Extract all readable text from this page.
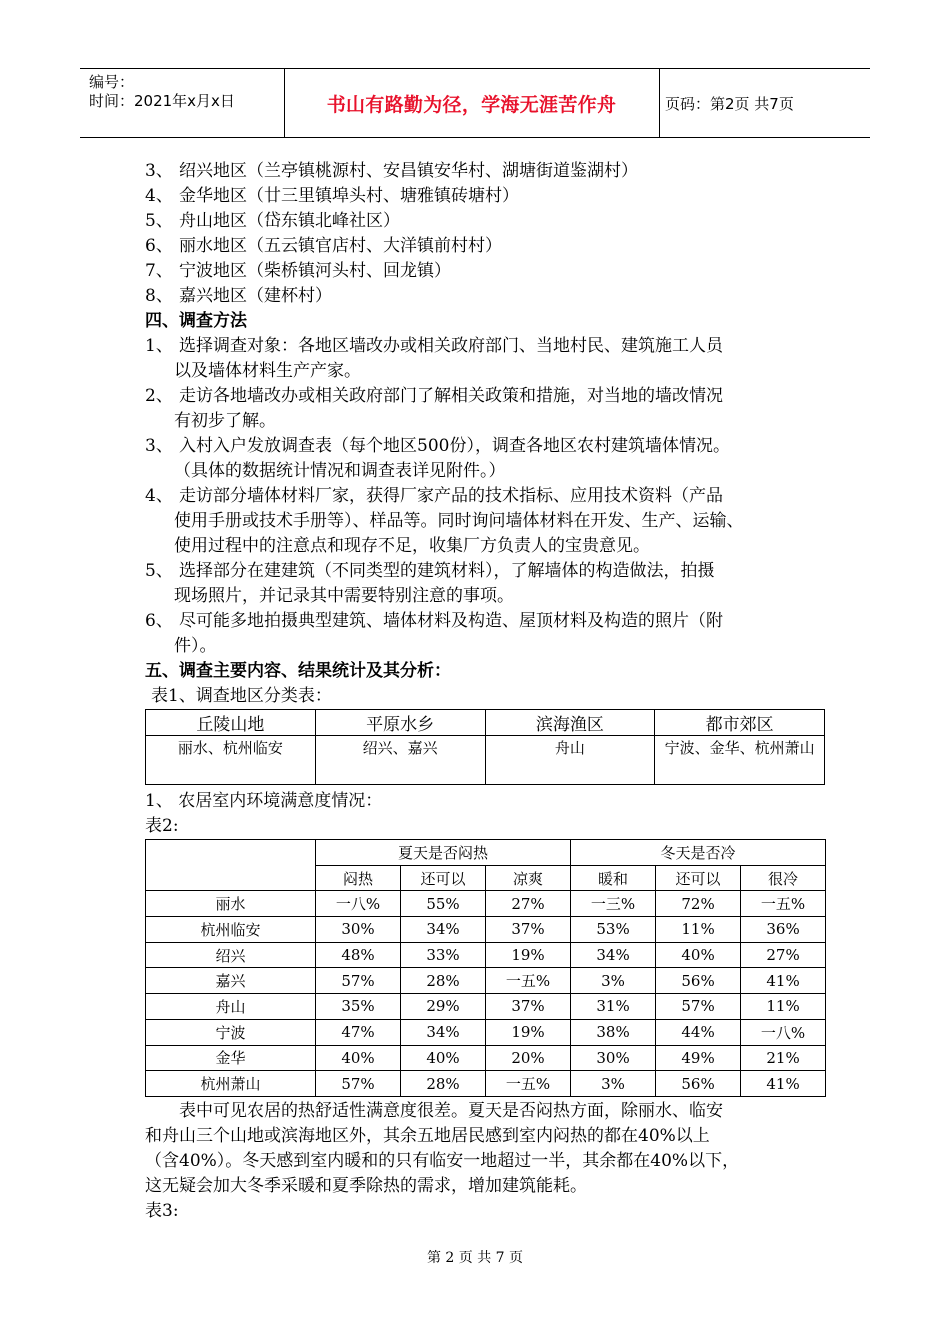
编号：
时间：2021年x月x日	书山有路勤为径，学海无涯苦作舟	页码：第2页 共7页
3、 绍兴地区（兰亭镇桃源村、安昌镇安华村、湖塘街道鉴湖村）
4、 金华地区（廿三里镇埠头村、塘雅镇砖塘村）
5、 舟山地区（岱东镇北峰社区）
6、 丽水地区（五云镇官店村、大洋镇前村村）
7、 宁波地区（柴桥镇河头村、回龙镇）
8、 嘉兴地区（建杯村）
四、调查方法
1、 选择调查对象：各地区墙改办或相关政府部门、当地村民、建筑施工人员
以及墙体材料生产产家。
2、 走访各地墙改办或相关政府部门了解相关政策和措施，对当地的墙改情况
有初步了解。
3、 入村入户发放调查表（每个地区500份），调查各地区农村建筑墙体情况。
（具体的数据统计情况和调查表详见附件。）
4、 走访部分墙体材料厂家，获得厂家产品的技术指标、应用技术资料（产品
使用手册或技术手册等）、样品等。同时询问墙体材料在开发、生产、运输、
使用过程中的注意点和现存不足，收集厂方负责人的宝贵意见。
5、 选择部分在建建筑（不同类型的建筑材料），了解墙体的构造做法，拍摄
现场照片，并记录其中需要特别注意的事项。
6、 尽可能多地拍摄典型建筑、墙体材料及构造、屋顶材料及构造的照片（附
件）。
五、调查主要内容、结果统计及其分析：
表1、调查地区分类表：
丘陵山地	平原水乡	滨海渔区	都市郊区
丽水、杭州临安	绍兴、嘉兴	舟山	宁波、金华、杭州萧山
1、 农居室内环境满意度情况：
表2:
	夏天是否闷热			冬天是否冷		
	闷热	还可以	凉爽	暖和	还可以	很冷
丽水	一八%	55%	27%	一三%	72%	一五%
杭州临安	30%	34%	37%	53%	11%	36%
绍兴	48%	33%	19%	34%	40%	27%
嘉兴	57%	28%	一五%	3%	56%	41%
舟山	35%	29%	37%	31%	57%	11%
宁波	47%	34%	19%	38%	44%	一八%
金华	40%	40%	20%	30%	49%	21%
杭州萧山	57%	28%	一五%	3%	56%	41%
表中可见农居的热舒适性满意度很差。夏天是否闷热方面，除丽水、临安
和舟山三个山地或滨海地区外，其余五地居民感到室内闷热的都在40%以上
（含40%）。冬天感到室内暖和的只有临安一地超过一半，其余都在40%以下，
这无疑会加大冬季采暖和夏季除热的需求，增加建筑能耗。
表3:
第 2 页 共 7 页
